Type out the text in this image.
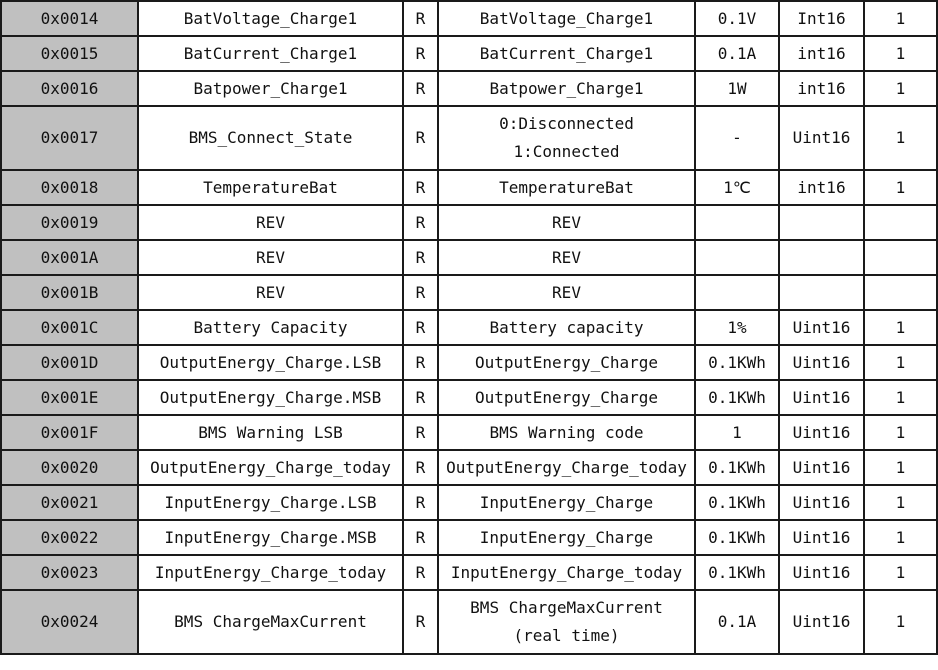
0x0014	BatVoltage_Charge1	R	BatVoltage_Charge1	0.1V	Int16	1
0x0015	BatCurrent_Charge1	R	BatCurrent_Charge1	0.1A	int16	1
0x0016	Batpower_Charge1	R	Batpower_Charge1	1W	int16	1
0x0017	BMS_Connect_State	R	0:Disconnected
1:Connected	-	Uint16	1
0x0018	TemperatureBat	R	TemperatureBat	1℃	int16	1
0x0019	REV	R	REV			

0x001A	REV	R	REV			

0x001B	REV	R	REV			

0x001C	Battery Capacity	R	Battery capacity	1%	Uint16	1
0x001D	OutputEnergy_Charge.LSB	R	OutputEnergy_Charge	0.1KWh	Uint16	1
0x001E	OutputEnergy_Charge.MSB	R	OutputEnergy_Charge	0.1KWh	Uint16	1
0x001F	BMS Warning LSB	R	BMS Warning code	1	Uint16	1
0x0020	OutputEnergy_Charge_today	R	OutputEnergy_Charge_today	0.1KWh	Uint16	1
0x0021	InputEnergy_Charge.LSB	R	InputEnergy_Charge	0.1KWh	Uint16	1
0x0022	InputEnergy_Charge.MSB	R	InputEnergy_Charge	0.1KWh	Uint16	1
0x0023	InputEnergy_Charge_today	R	InputEnergy_Charge_today	0.1KWh	Uint16	1
0x0024	BMS ChargeMaxCurrent	R	BMS ChargeMaxCurrent
(real time)	0.1A	Uint16	1
